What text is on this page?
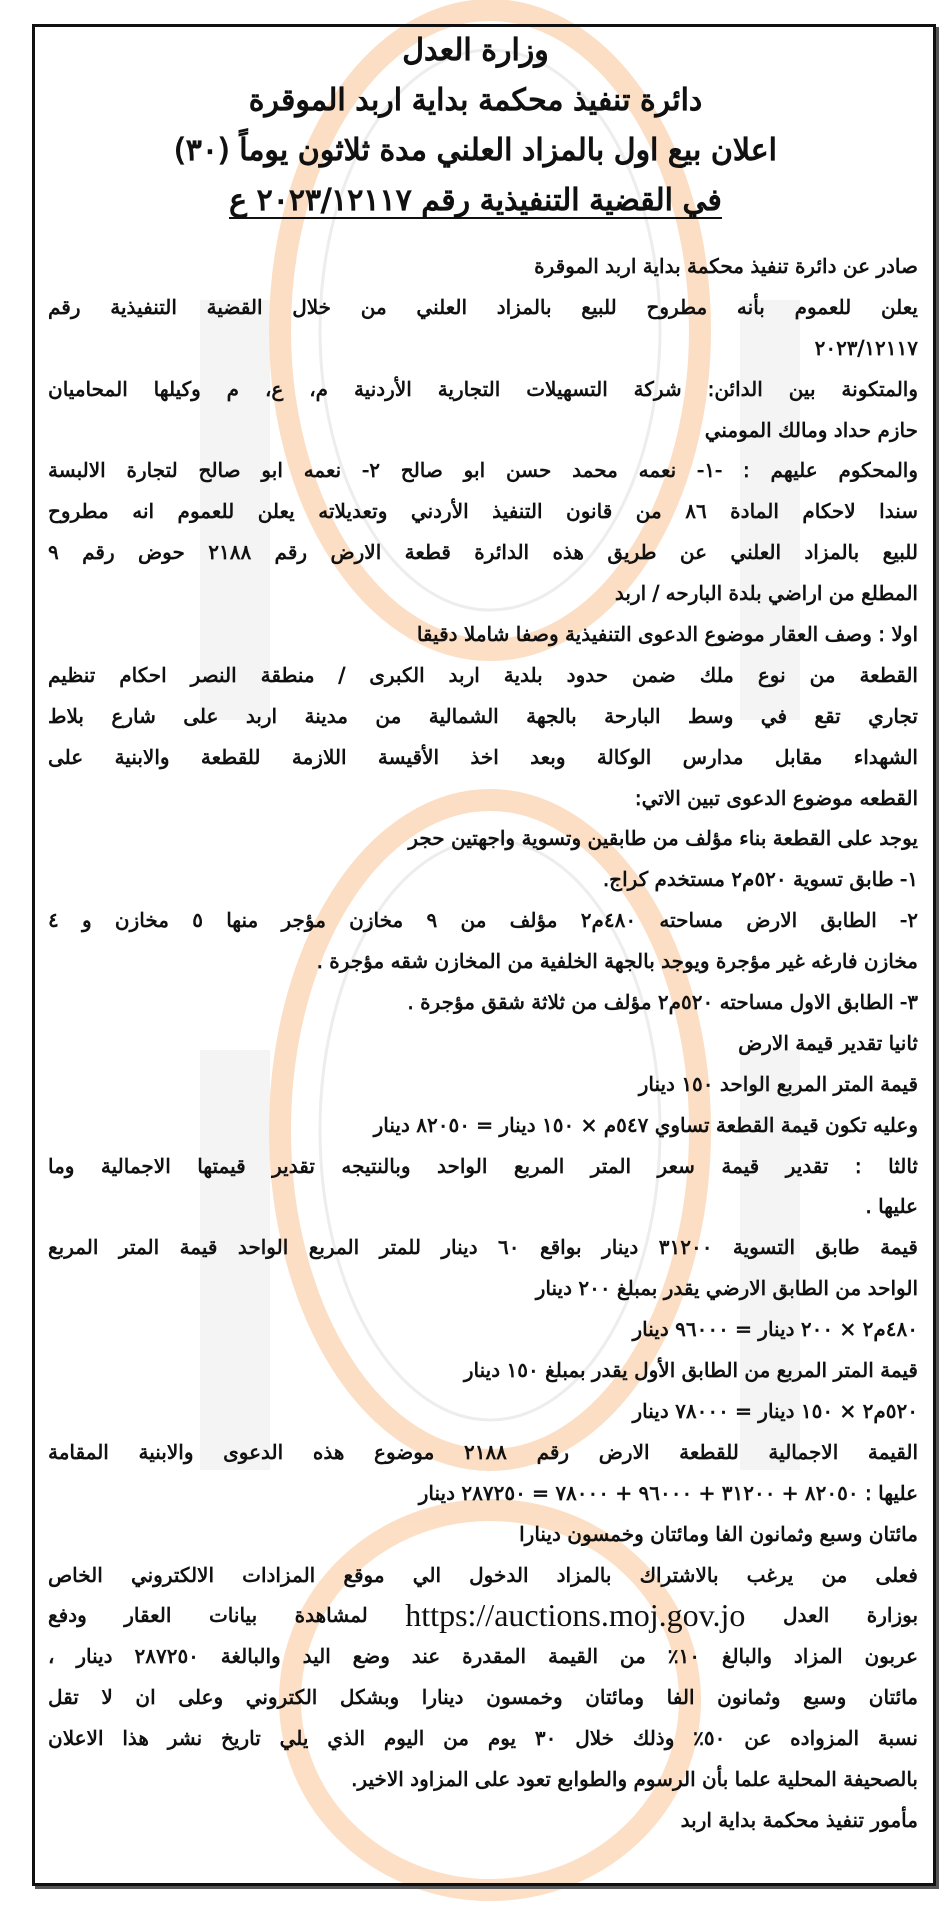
وزارة العدل
دائرة تنفيذ محكمة بداية اربد الموقرة
اعلان بيع اول بالمزاد العلني مدة ثلاثون يوماً (٣٠)
في القضية التنفيذية رقم ٢٠٢٣/١٢١١٧ ع
صادر عن دائرة تنفيذ محكمة بداية اربد الموقرة
يعلن للعموم بأنه مطروح للبيع بالمزاد العلني من خلال القضية التنفيذية رقم
٢٠٢٣/١٢١١٧
والمتكونة بين الدائن: شركة التسهيلات التجارية الأردنية م، ع، م وكيلها المحاميان
حازم حداد ومالك المومني
والمحكوم عليهم : -١- نعمه محمد حسن ابو صالح ٢- نعمه ابو صالح لتجارة الالبسة
سندا لاحكام المادة ٨٦ من قانون التنفيذ الأردني وتعديلاته يعلن للعموم انه مطروح
للبيع بالمزاد العلني عن طريق هذه الدائرة قطعة الارض رقم ٢١٨٨ حوض رقم ٩
المطلع من اراضي بلدة البارحه / اربد
اولا : وصف العقار موضوع الدعوى التنفيذية وصفا شاملا دقيقا
القطعة من نوع ملك ضمن حدود بلدية اربد الكبرى / منطقة النصر احكام تنظيم
تجاري تقع في وسط البارحة بالجهة الشمالية من مدينة اربد على شارع بلاط
الشهداء مقابل مدارس الوكالة وبعد اخذ الأقيسة اللازمة للقطعة والابنية على
القطعه موضوع الدعوى تبين الاتي:
يوجد على القطعة بناء مؤلف من طابقين وتسوية واجهتين حجر
١- طابق تسوية ٥٢٠م٢ مستخدم كراج.
٢- الطابق الارض مساحته ٤٨٠م٢ مؤلف من ٩ مخازن مؤجر منها ٥ مخازن و ٤
مخازن فارغه غير مؤجرة ويوجد بالجهة الخلفية من المخازن شقه مؤجرة .
٣- الطابق الاول مساحته ٥٢٠م٢ مؤلف من ثلاثة شقق مؤجرة .
ثانيا تقدير قيمة الارض
قيمة المتر المربع الواحد ١٥٠ دينار
وعليه تكون قيمة القطعة تساوي ٥٤٧م × ١٥٠ دينار = ٨٢٠٥٠ دينار
ثالثا : تقدير قيمة سعر المتر المربع الواحد وبالنتيجه تقدير قيمتها الاجمالية وما
عليها .
قيمة طابق التسوية ٣١٢٠٠ دينار بواقع ٦٠ دينار للمتر المربع الواحد قيمة المتر المربع
الواحد من الطابق الارضي يقدر بمبلغ ٢٠٠ دينار
٤٨٠م٢ × ٢٠٠ دينار = ٩٦٠٠٠ دينار
قيمة المتر المربع من الطابق الأول يقدر بمبلغ ١٥٠ دينار
٥٢٠م٢ × ١٥٠ دينار = ٧٨٠٠٠ دينار
القيمة الاجمالية للقطعة الارض رقم ٢١٨٨ موضوع هذه الدعوى والابنية المقامة
عليها : ٨٢٠٥٠ + ٣١٢٠٠ + ٩٦٠٠٠ + ٧٨٠٠٠ = ٢٨٧٢٥٠ دينار
مائتان وسبع وثمانون الفا ومائتان وخمسون دينارا
فعلى من يرغب بالاشتراك بالمزاد الدخول الي موقع المزادات الالكتروني الخاص
بوزارة العدل https://auctions.moj.gov.jo لمشاهدة بيانات العقار ودفع
عربون المزاد والبالغ ١٠٪ من القيمة المقدرة عند وضع اليد والبالغة ٢٨٧٢٥٠ دينار ،
مائتان وسبع وثمانون الفا ومائتان وخمسون دينارا وبشكل الكتروني وعلى ان لا تقل
نسبة المزواده عن ٥٠٪ وذلك خلال ٣٠ يوم من اليوم الذي يلي تاريخ نشر هذا الاعلان
بالصحيفة المحلية علما بأن الرسوم والطوابع تعود على المزاود الاخير.
مأمور تنفيذ محكمة بداية اربد
